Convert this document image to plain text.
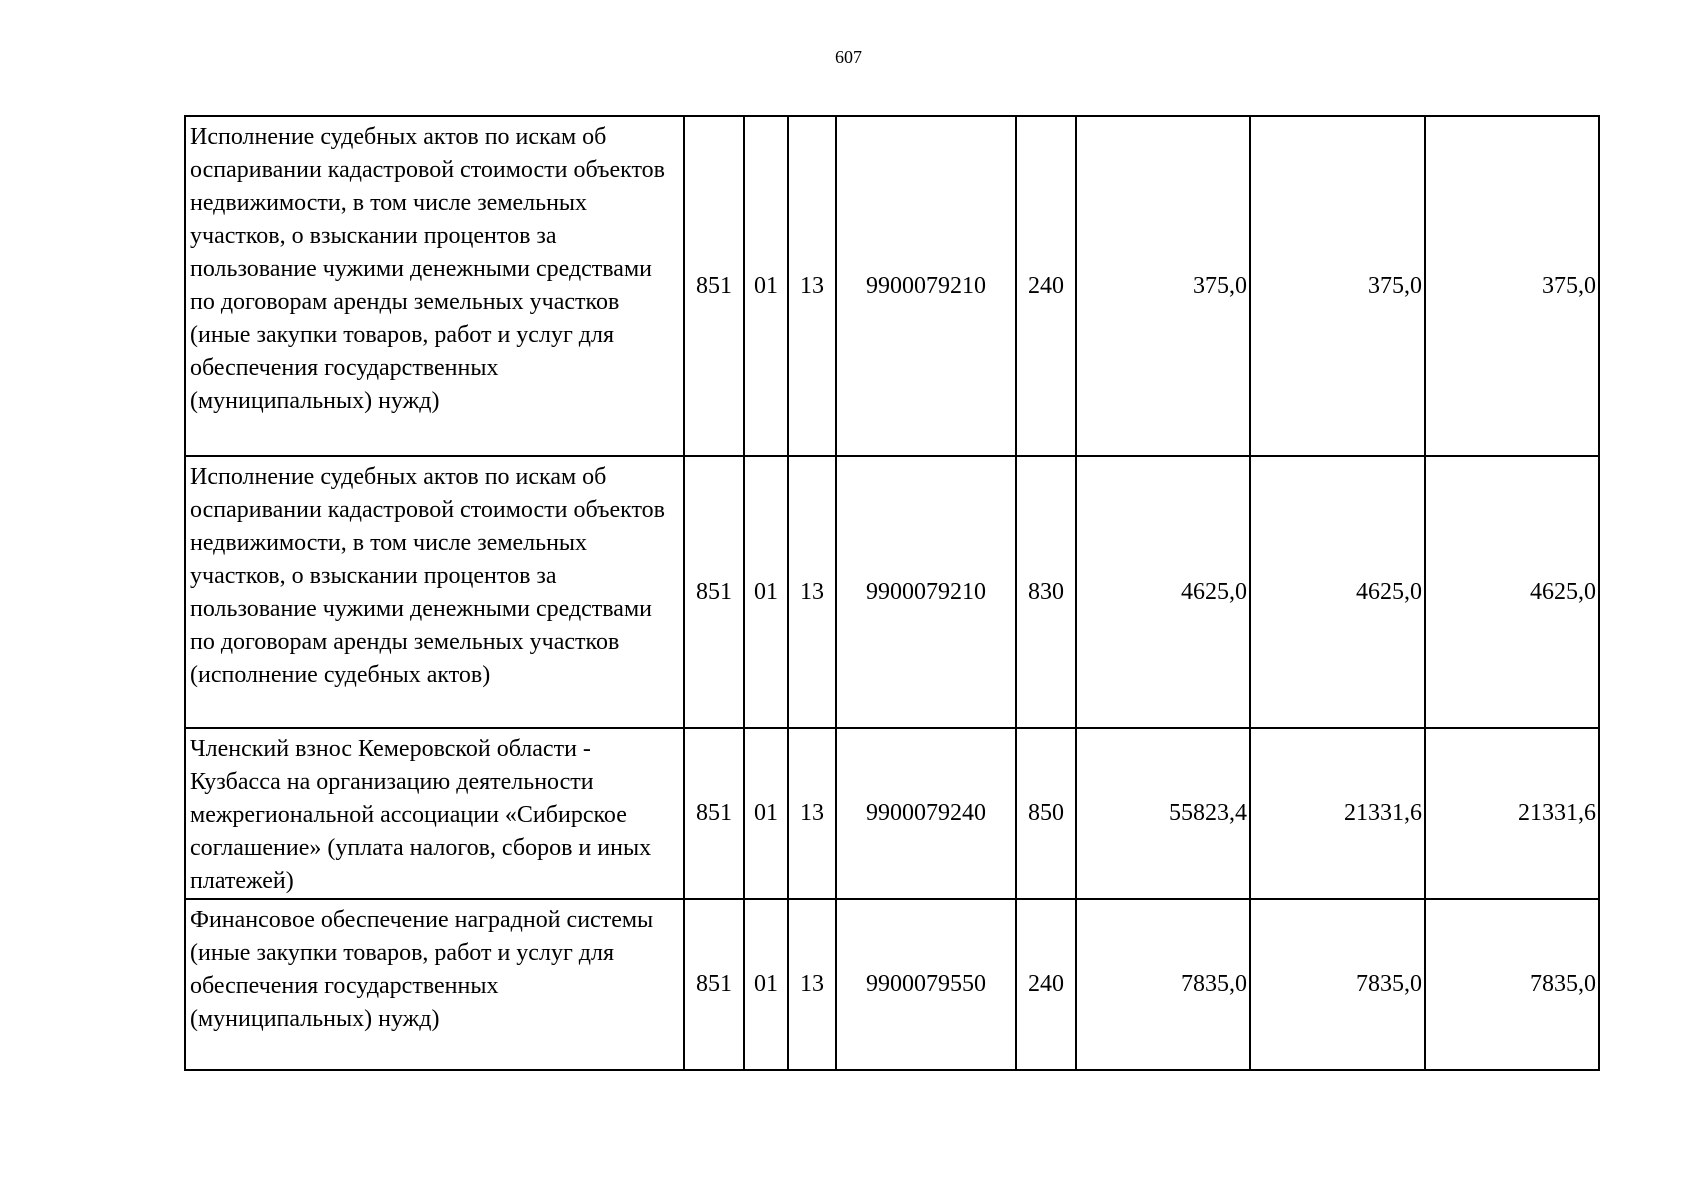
607
Исполнение судебных актов по искам об оспаривании кадастровой стоимости объектов недвижимости, в том числе земельных участков, о взыскании процентов за пользование чужими денежными средствами по договорам аренды земельных участков (иные закупки товаров, работ и услуг для обеспечения государственных (муниципальных) нужд)	851	01	13	9900079210	240	375,0	375,0	375,0
Исполнение судебных актов по искам об оспаривании кадастровой стоимости объектов недвижимости, в том числе земельных участков, о взыскании процентов за пользование чужими денежными средствами по договорам аренды земельных участков (исполнение судебных актов)	851	01	13	9900079210	830	4625,0	4625,0	4625,0
Членский взнос Кемеровской области - Кузбасса на организацию деятельности межрегиональной ассоциации «Сибирское соглашение» (уплата налогов, сборов и иных платежей)	851	01	13	9900079240	850	55823,4	21331,6	21331,6
Финансовое обеспечение наградной системы (иные закупки товаров, работ и услуг для обеспечения государственных (муниципальных) нужд)	851	01	13	9900079550	240	7835,0	7835,0	7835,0
